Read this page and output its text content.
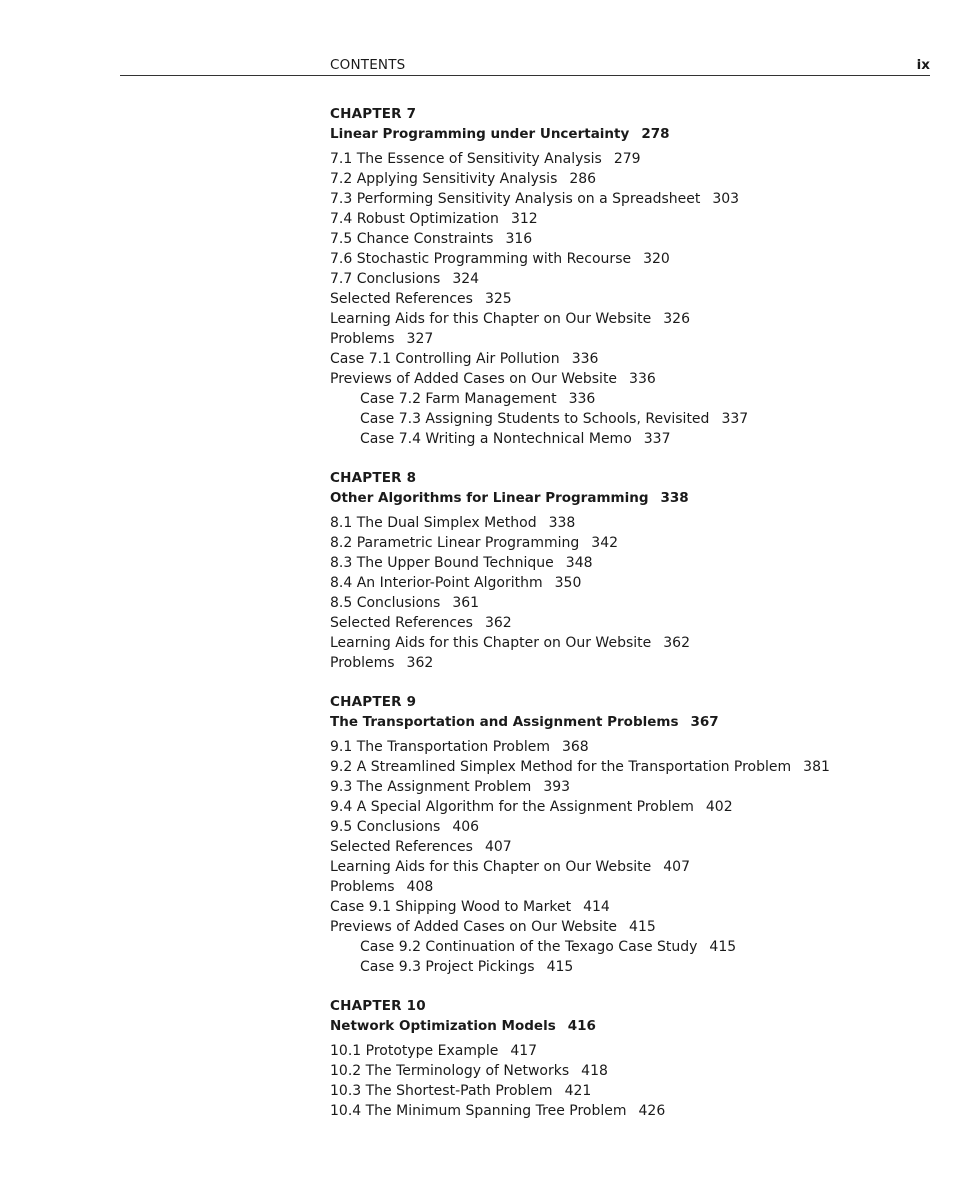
CONTENTS	ix
CHAPTER 7
Linear Programming under Uncertainty 278
7.1 The Essence of Sensitivity Analysis 279
7.2 Applying Sensitivity Analysis 286
7.3 Performing Sensitivity Analysis on a Spreadsheet 303
7.4 Robust Optimization 312
7.5 Chance Constraints 316
7.6 Stochastic Programming with Recourse 320
7.7 Conclusions 324
Selected References 325
Learning Aids for this Chapter on Our Website 326
Problems 327
Case 7.1 Controlling Air Pollution 336
Previews of Added Cases on Our Website 336
Case 7.2 Farm Management 336
Case 7.3 Assigning Students to Schools, Revisited 337
Case 7.4 Writing a Nontechnical Memo 337
CHAPTER 8
Other Algorithms for Linear Programming 338
8.1 The Dual Simplex Method 338
8.2 Parametric Linear Programming 342
8.3 The Upper Bound Technique 348
8.4 An Interior-Point Algorithm 350
8.5 Conclusions 361
Selected References 362
Learning Aids for this Chapter on Our Website 362
Problems 362
CHAPTER 9
The Transportation and Assignment Problems 367
9.1 The Transportation Problem 368
9.2 A Streamlined Simplex Method for the Transportation Problem 381
9.3 The Assignment Problem 393
9.4 A Special Algorithm for the Assignment Problem 402
9.5 Conclusions 406
Selected References 407
Learning Aids for this Chapter on Our Website 407
Problems 408
Case 9.1 Shipping Wood to Market 414
Previews of Added Cases on Our Website 415
Case 9.2 Continuation of the Texago Case Study 415
Case 9.3 Project Pickings 415
CHAPTER 10
Network Optimization Models 416
10.1 Prototype Example 417
10.2 The Terminology of Networks 418
10.3 The Shortest-Path Problem 421
10.4 The Minimum Spanning Tree Problem 426
